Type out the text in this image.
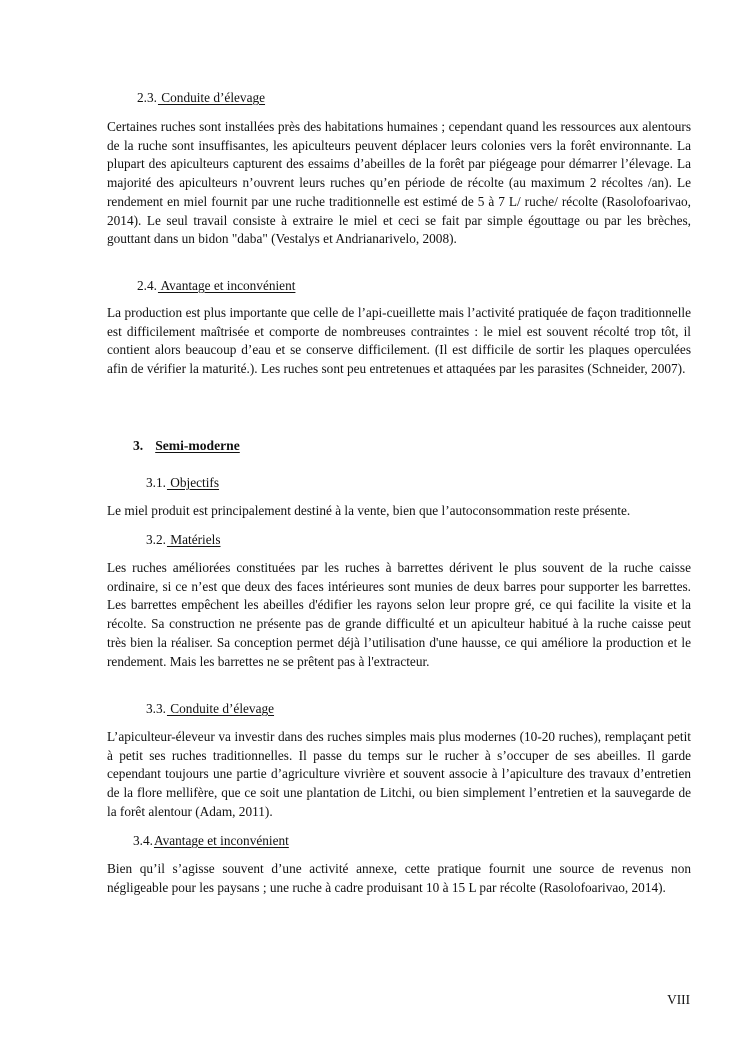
2.3. Conduite d’élevage

Certaines ruches sont installées près des habitations humaines ; cependant quand les ressources aux alentours de la ruche sont insuffisantes, les apiculteurs peuvent déplacer leurs colonies vers la forêt environnante. La plupart des apiculteurs capturent des essaims d’abeilles de la forêt par piégeage pour démarrer l’élevage. La majorité des apiculteurs n’ouvrent leurs ruches qu’en période de récolte (au maximum 2 récoltes /an). Le rendement en miel fournit par une ruche traditionnelle est estimé de 5 à 7 L/ ruche/ récolte (Rasolofoarivao, 2014). Le seul travail consiste à extraire le miel et ceci se fait par simple égouttage ou par les brèches, gouttant dans un bidon "daba" (Vestalys et Andrianarivelo, 2008).

2.4. Avantage et inconvénient

La production est plus importante que celle de l’api-cueillette mais l’activité pratiquée de façon traditionnelle est difficilement maîtrisée et comporte de nombreuses contraintes : le miel est souvent récolté trop tôt, il contient alors beaucoup d’eau et se conserve difficilement. (Il est difficile de sortir les plaques operculées afin de vérifier la maturité.). Les ruches sont peu entretenues et attaquées par les parasites (Schneider, 2007).

3. Semi-moderne
3.1. Objectifs

Le miel produit est principalement destiné à la vente, bien que l’autoconsommation reste présente.

3.2. Matériels

Les ruches améliorées constituées par les ruches à barrettes dérivent le plus souvent de la ruche caisse ordinaire, si ce n’est que deux des faces intérieures sont munies de deux barres pour supporter les barrettes. Les barrettes empêchent les abeilles d'édifier les rayons selon leur propre gré, ce qui facilite la visite et la récolte. Sa construction ne présente pas de grande difficulté et un apiculteur habitué à la ruche caisse peut très bien la réaliser. Sa conception permet déjà l’utilisation d'une hausse, ce qui améliore la production et le rendement. Mais les barrettes ne se prêtent pas à l'extracteur.

3.3. Conduite d’élevage

L’apiculteur-éleveur va investir dans des ruches simples mais plus modernes (10-20 ruches), remplaçant petit à petit ses ruches traditionnelles. Il passe du temps sur le rucher à s’occuper de ses abeilles. Il garde cependant toujours une partie d’agriculture vivrière et souvent associe à l’apiculture des travaux d’entretien de la flore mellifère, que ce soit une plantation de Litchi, ou bien simplement l’entretien et la sauvegarde de la forêt alentour (Adam, 2011).

3.4.Avantage et inconvénient

Bien qu’il s’agisse souvent d’une activité annexe, cette pratique fournit une source de revenus non négligeable pour les paysans ; une ruche à cadre produisant 10 à 15 L par récolte (Rasolofoarivao, 2014).

VIII
